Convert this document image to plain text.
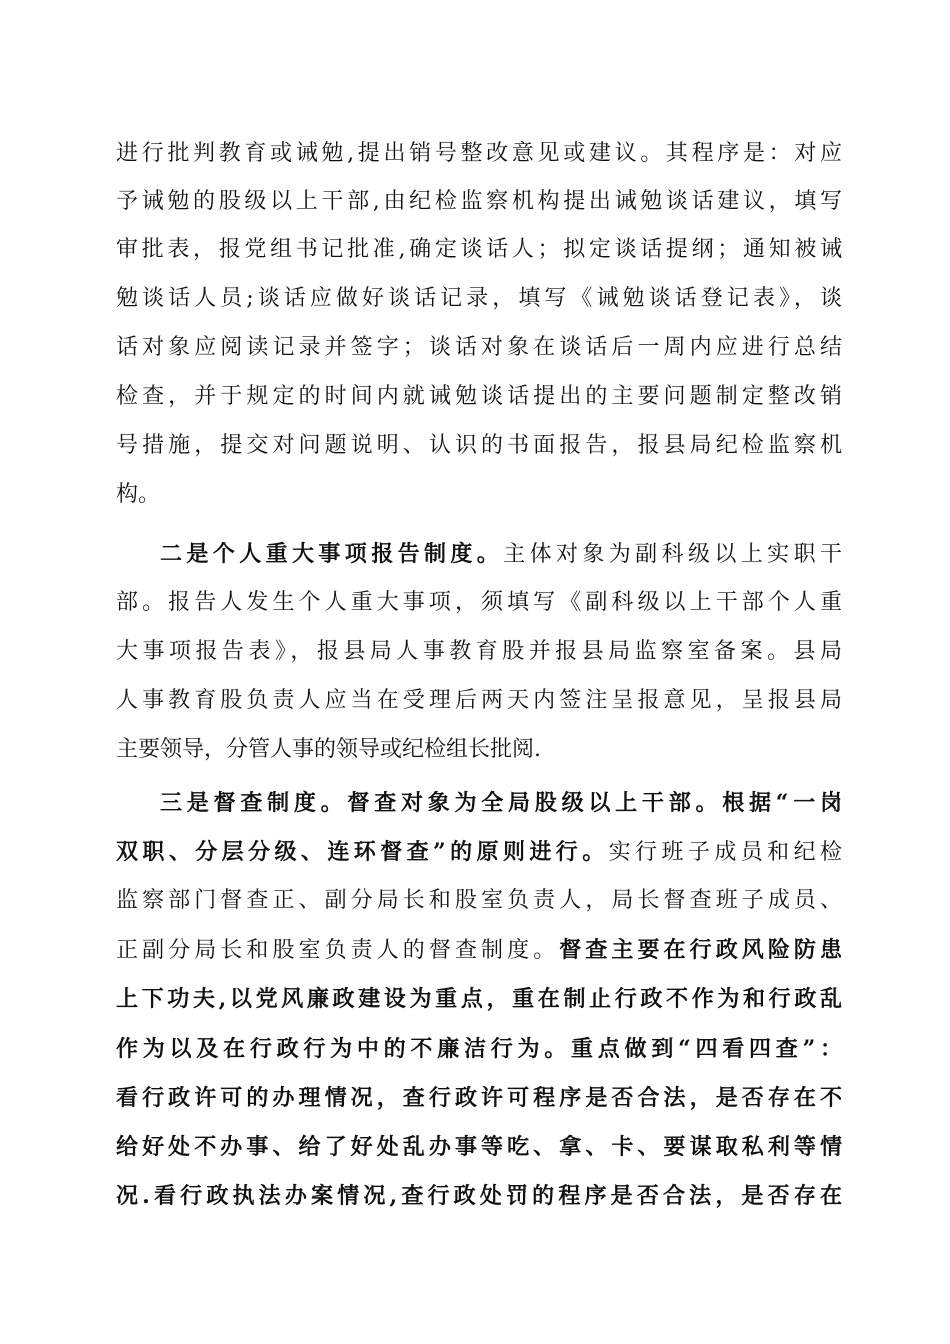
进行批判教育或诫勉,提出销号整改意见或建议。其程序是：对应
予诫勉的股级以上干部,由纪检监察机构提出诫勉谈话建议，填写
审批表，报党组书记批准,确定谈话人；拟定谈话提纲；通知被诫
勉谈话人员;谈话应做好谈话记录，填写《诫勉谈话登记表》，谈
话对象应阅读记录并签字；谈话对象在谈话后一周内应进行总结
检查，并于规定的时间内就诫勉谈话提出的主要问题制定整改销
号措施，提交对问题说明、认识的书面报告，报县局纪检监察机
构。
二是个人重大事项报告制度。主体对象为副科级以上实职干
部。报告人发生个人重大事项，须填写《副科级以上干部个人重
大事项报告表》，报县局人事教育股并报县局监察室备案。县局
人事教育股负责人应当在受理后两天内签注呈报意见，呈报县局
主要领导，分管人事的领导或纪检组长批阅.
三是督查制度。督查对象为全局股级以上干部。根据“一岗
双职、分层分级、连环督查”的原则进行。实行班子成员和纪检
监察部门督查正、副分局长和股室负责人，局长督查班子成员、
正副分局长和股室负责人的督查制度。督查主要在行政风险防患
上下功夫,以党风廉政建设为重点，重在制止行政不作为和行政乱
作为以及在行政行为中的不廉洁行为。重点做到“四看四查”：
看行政许可的办理情况，查行政许可程序是否合法，是否存在不
给好处不办事、给了好处乱办事等吃、拿、卡、要谋取私利等情
况.看行政执法办案情况,查行政处罚的程序是否合法，是否存在
